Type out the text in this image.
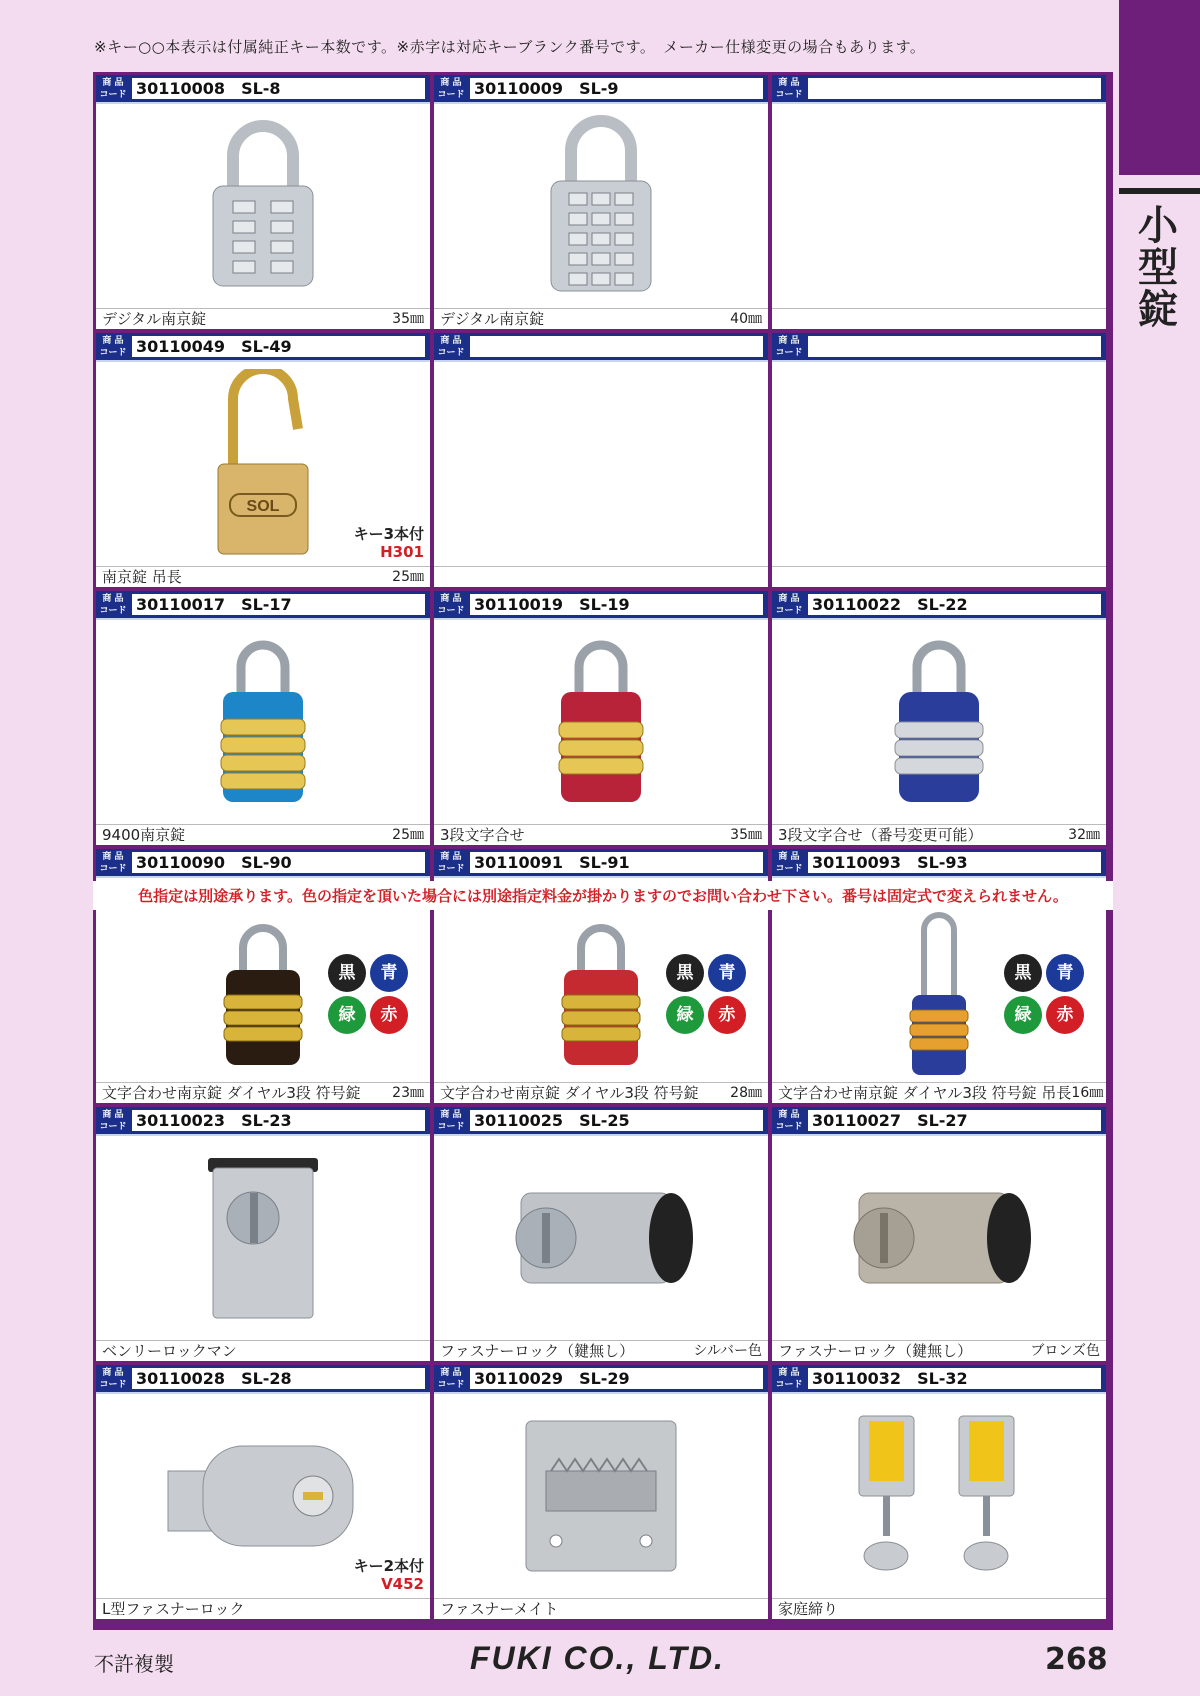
※キー○○本表示は付属純正キー本数です。※赤字は対応キーブランク番号です。　メーカー仕様変更の場合もあります。
小
型
錠
商 品
コード 30110008　SL-8
デジタル南京錠	35㎜
商 品
コード 30110009　SL-9
デジタル南京錠	40㎜
商 品
コード
商 品
コード 30110049　SL-49
SOL
キー3本付
H301
南京錠 吊長	25㎜
商 品
コード
商 品
コード
商 品
コード 30110017　SL-17
9400南京錠	25㎜
商 品
コード 30110019　SL-19
3段文字合せ	35㎜
商 品
コード 30110022　SL-22
3段文字合せ（番号変更可能）	32㎜
商 品
コード 30110090　SL-90
黒	青
緑	赤
文字合わせ南京錠 ダイヤル3段 符号錠 23㎜
商 品
コード 30110091　SL-91
黒	青
緑	赤
文字合わせ南京錠 ダイヤル3段 符号錠 28㎜
商 品
コード 30110093　SL-93
黒	青
緑	赤
文字合わせ南京錠 ダイヤル3段 符号錠 吊長 16㎜
商 品
コード 30110023　SL-23
ベンリーロックマン
商 品
コード 30110025　SL-25
ファスナーロック（鍵無し）	シルバー色
商 品
コード 30110027　SL-27
ファスナーロック（鍵無し）	ブロンズ色
商 品
コード 30110028　SL-28
キー2本付
V452
L型ファスナーロック
商 品
コード 30110029　SL-29
ファスナーメイト
商 品
コード 30110032　SL-32
家庭締り
色指定は別途承ります。色の指定を頂いた場合には別途指定料金が掛かりますのでお問い合わせ下さい。番号は固定式で変えられません。
不許複製	FUKI CO., LTD.	268
